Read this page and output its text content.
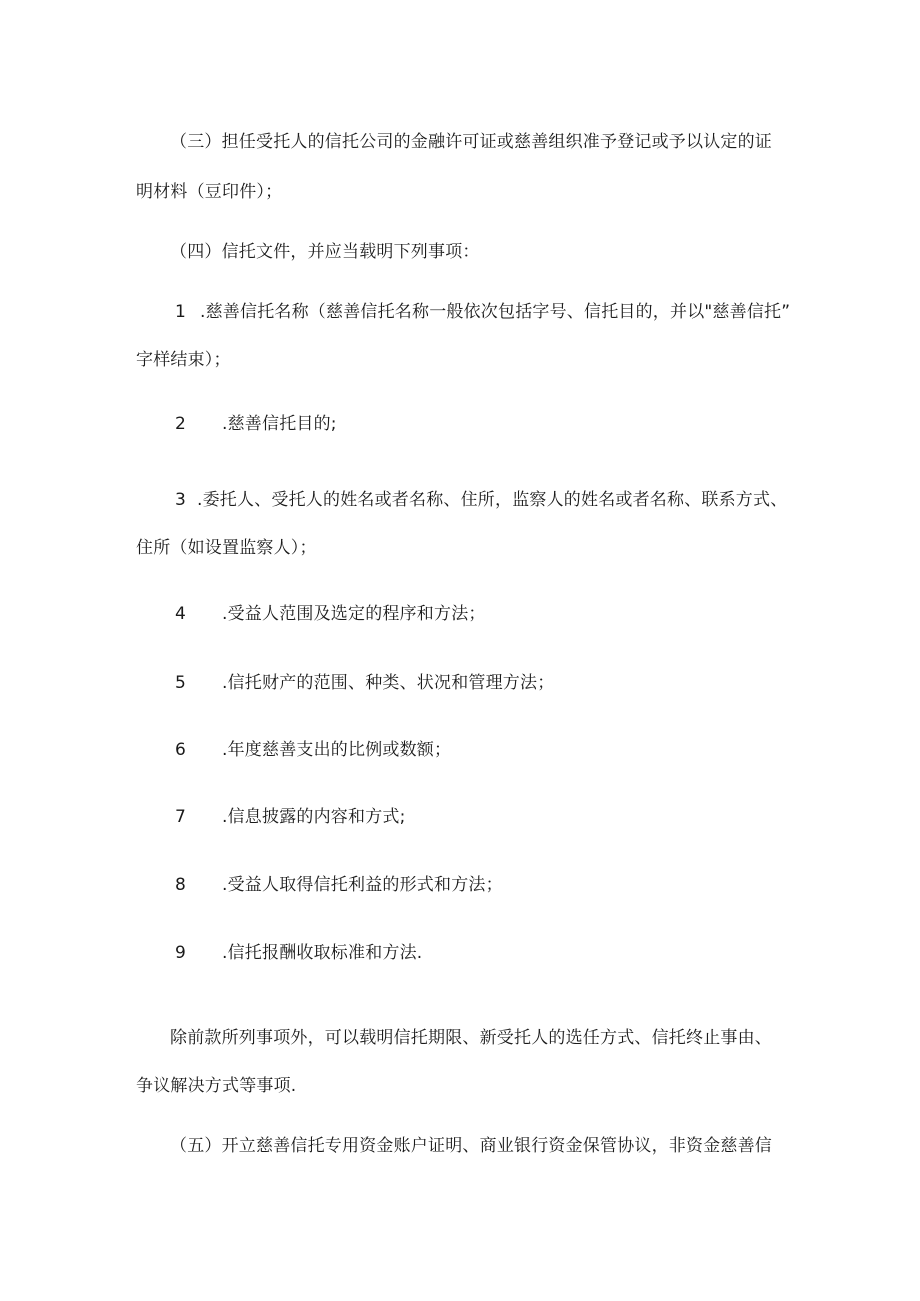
（三）担任受托人的信托公司的金融许可证或慈善组织准予登记或予以认定的证
明材料（豆印件）；
（四）信托文件，并应当载明下列事项：
1 .慈善信托名称（慈善信托名称一般依次包括字号、信托目的，并以"慈善信托”
字样结束）；
2 .慈善信托目的;
3 .委托人、受托人的姓名或者名称、住所，监察人的姓名或者名称、联系方式、
住所（如设置监察人）；
4 .受益人范围及选定的程序和方法；
5 .信托财产的范围、种类、状况和管理方法；
6 .年度慈善支出的比例或数额；
7 .信息披露的内容和方式;
8 .受益人取得信托利益的形式和方法；
9 .信托报酬收取标准和方法.
除前款所列事项外，可以载明信托期限、新受托人的选任方式、信托终止事由、
争议解决方式等事项.
（五）开立慈善信托专用资金账户证明、商业银行资金保管协议，非资金慈善信
